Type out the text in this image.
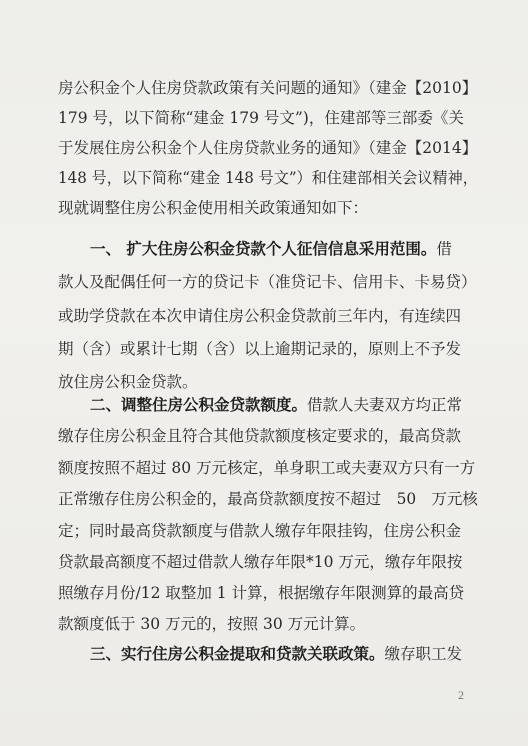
房公积金个人住房贷款政策有关问题的通知》（建金【2010】
179 号，以下简称“建金 179 号文”)，住建部等三部委《关
于发展住房公积金个人住房贷款业务的通知》（建金【2014】
148 号，以下简称“建金 148 号文”）和住建部相关会议精神，
现就调整住房公积金使用相关政策通知如下：
一、 扩大住房公积金贷款个人征信信息采用范围。借
款人及配偶任何一方的贷记卡（准贷记卡、信用卡、卡易贷）
或助学贷款在本次申请住房公积金贷款前三年内，有连续四
期（含）或累计七期（含）以上逾期记录的，原则上不予发
放住房公积金贷款。
二、调整住房公积金贷款额度。借款人夫妻双方均正常
缴存住房公积金且符合其他贷款额度核定要求的，最高贷款
额度按照不超过 80 万元核定，单身职工或夫妻双方只有一方
正常缴存住房公积金的，最高贷款额度按不超过　50　万元核
定；同时最高贷款额度与借款人缴存年限挂钩，住房公积金
贷款最高额度不超过借款人缴存年限*10 万元，缴存年限按
照缴存月份/12 取整加 1 计算，根据缴存年限测算的最高贷
款额度低于 30 万元的，按照 30 万元计算。
三、实行住房公积金提取和贷款关联政策。缴存职工发
2
